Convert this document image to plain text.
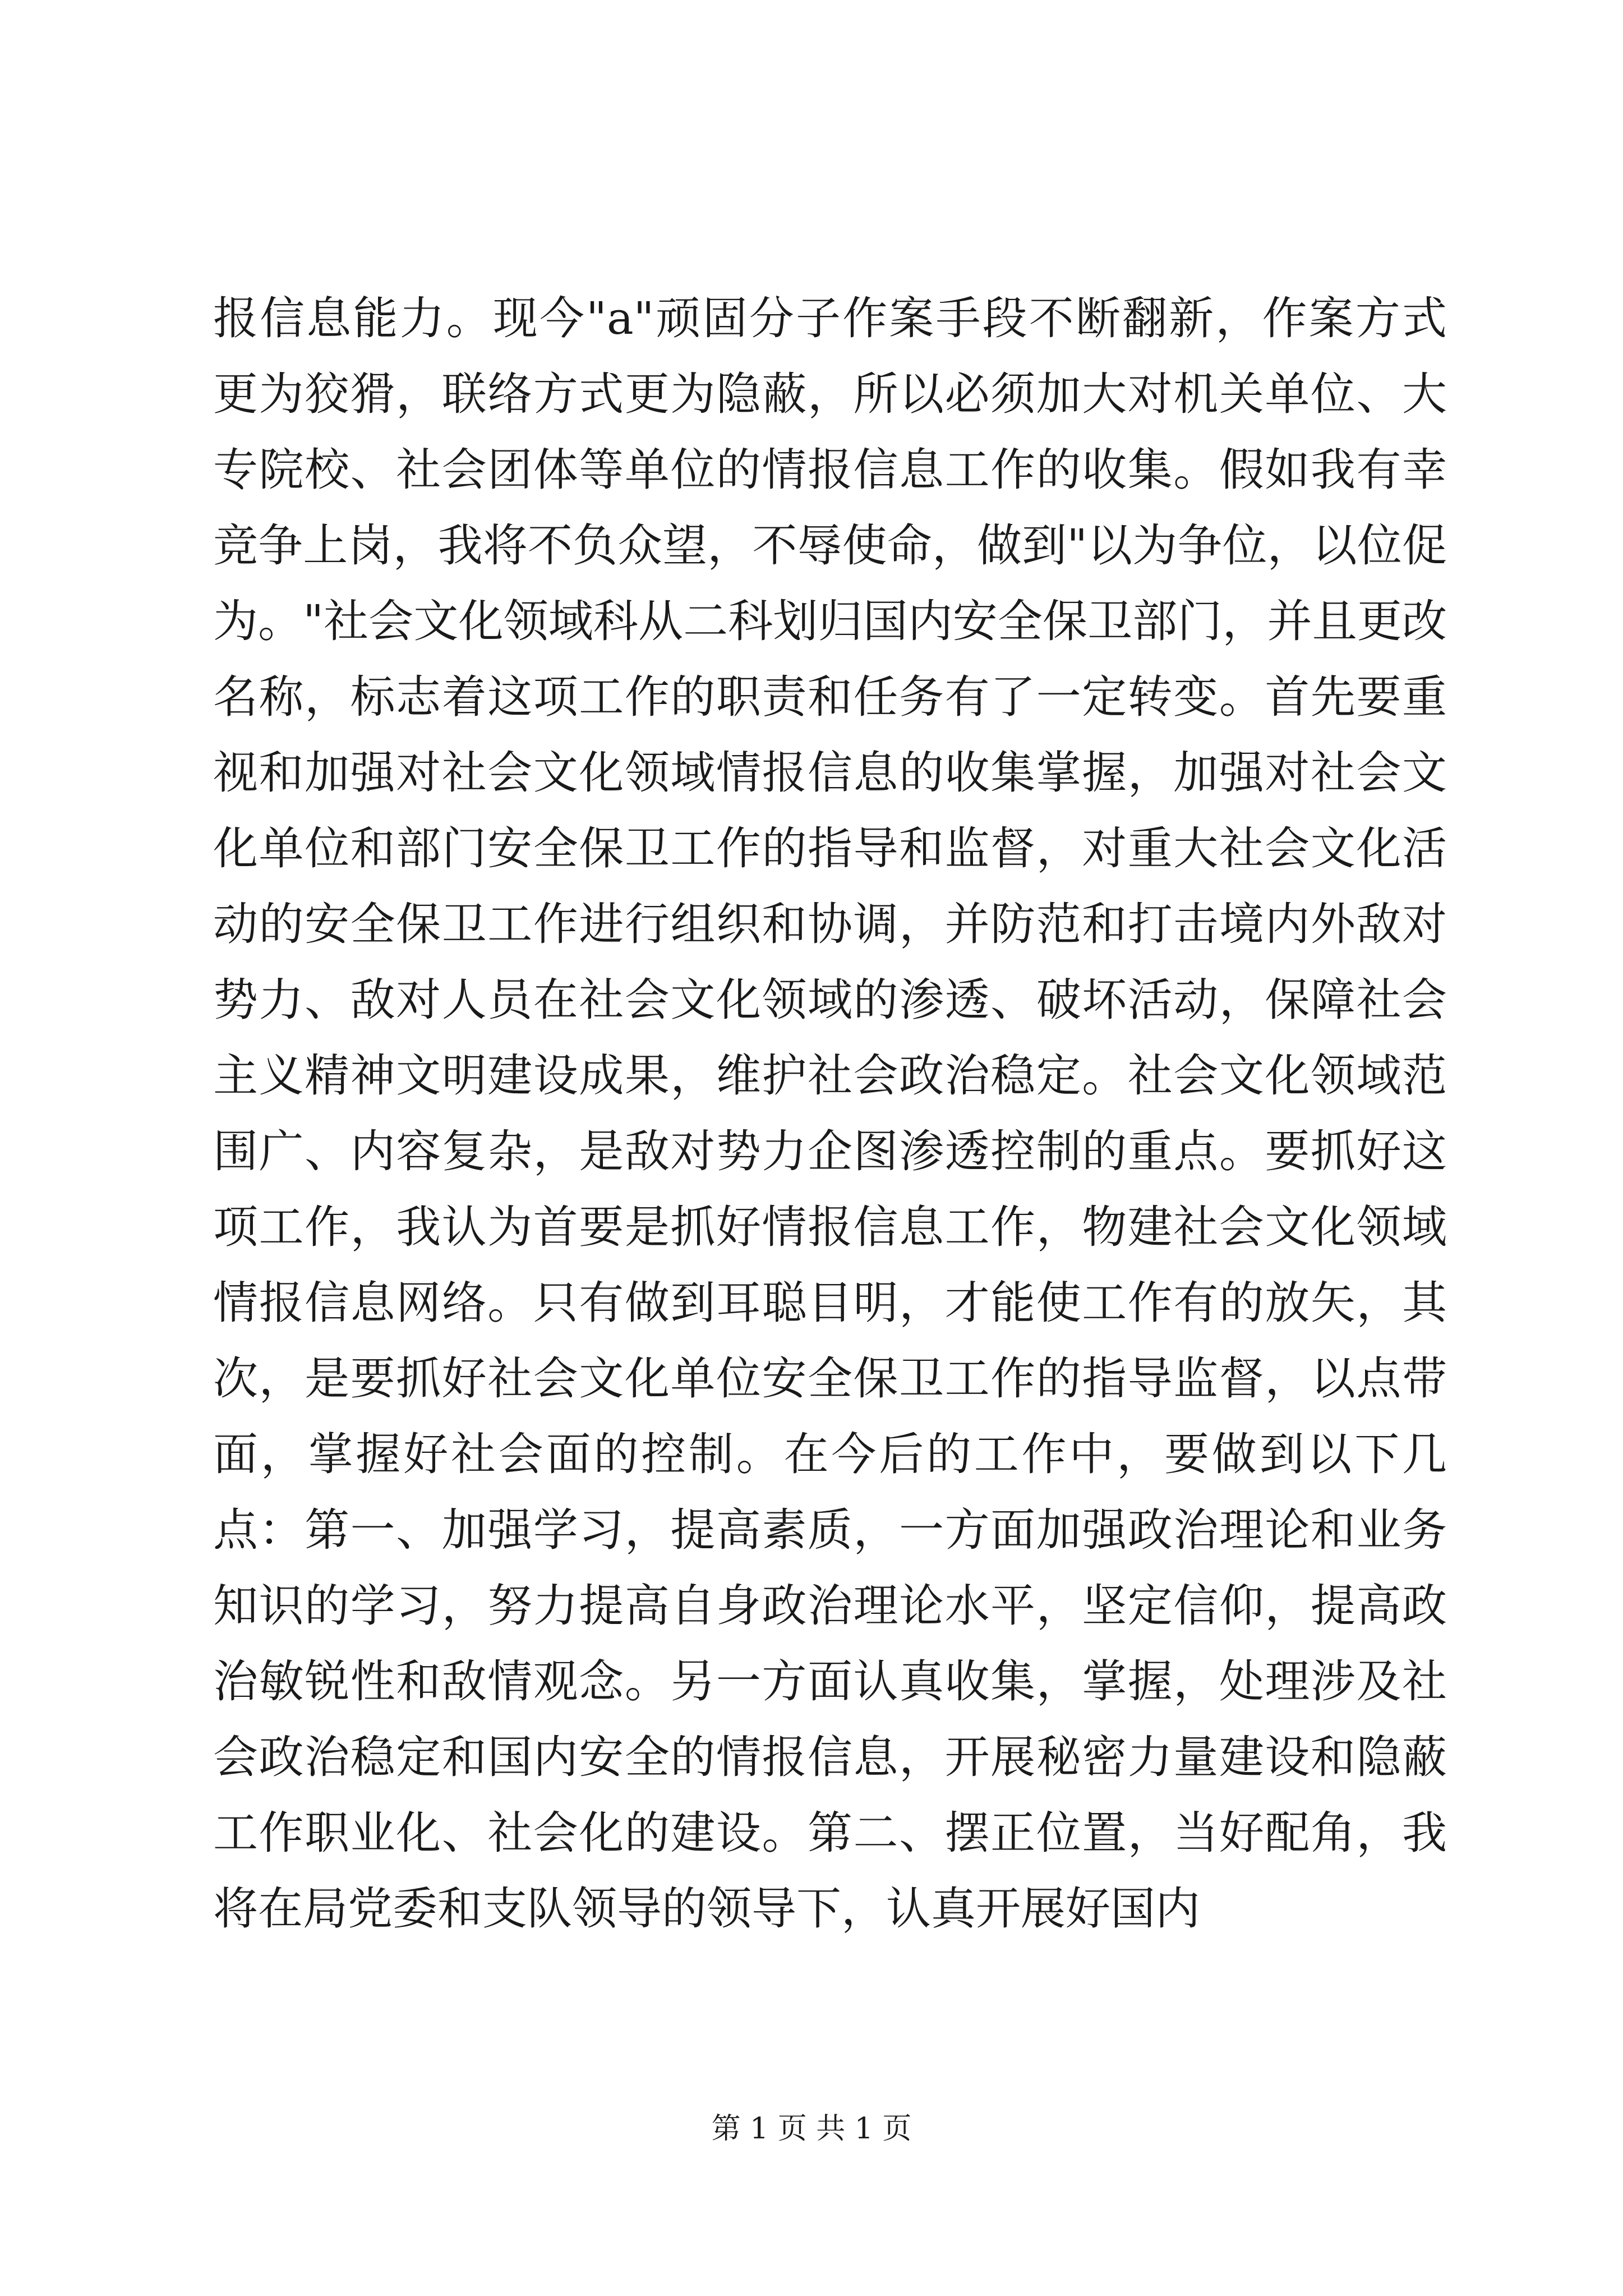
报信息能力。现今"a"顽固分子作案手段不断翻新，作案方式更为狡猾，联络方式更为隐蔽，所以必须加大对机关单位、大专院校、社会团体等单位的情报信息工作的收集。假如我有幸竞争上岗，我将不负众望，不辱使命，做到"以为争位，以位促为。"社会文化领域科从二科划归国内安全保卫部门，并且更改名称，标志着这项工作的职责和任务有了一定转变。首先要重视和加强对社会文化领域情报信息的收集掌握，加强对社会文化单位和部门安全保卫工作的指导和监督，对重大社会文化活动的安全保卫工作进行组织和协调，并防范和打击境内外敌对势力、敌对人员在社会文化领域的渗透、破坏活动，保障社会主义精神文明建设成果，维护社会政治稳定。社会文化领域范围广、内容复杂，是敌对势力企图渗透控制的重点。要抓好这项工作，我认为首要是抓好情报信息工作，物建社会文化领域情报信息网络。只有做到耳聪目明，才能使工作有的放矢，其次，是要抓好社会文化单位安全保卫工作的指导监督，以点带面，掌握好社会面的控制。在今后的工作中，要做到以下几点：第一、加强学习，提高素质，一方面加强政治理论和业务知识的学习，努力提高自身政治理论水平，坚定信仰，提高政治敏锐性和敌情观念。另一方面认真收集，掌握，处理涉及社会政治稳定和国内安全的情报信息，开展秘密力量建设和隐蔽工作职业化、社会化的建设。第二、摆正位置，当好配角，我将在局党委和支队领导的领导下，认真开展好国内

第 1 页 共 1 页
